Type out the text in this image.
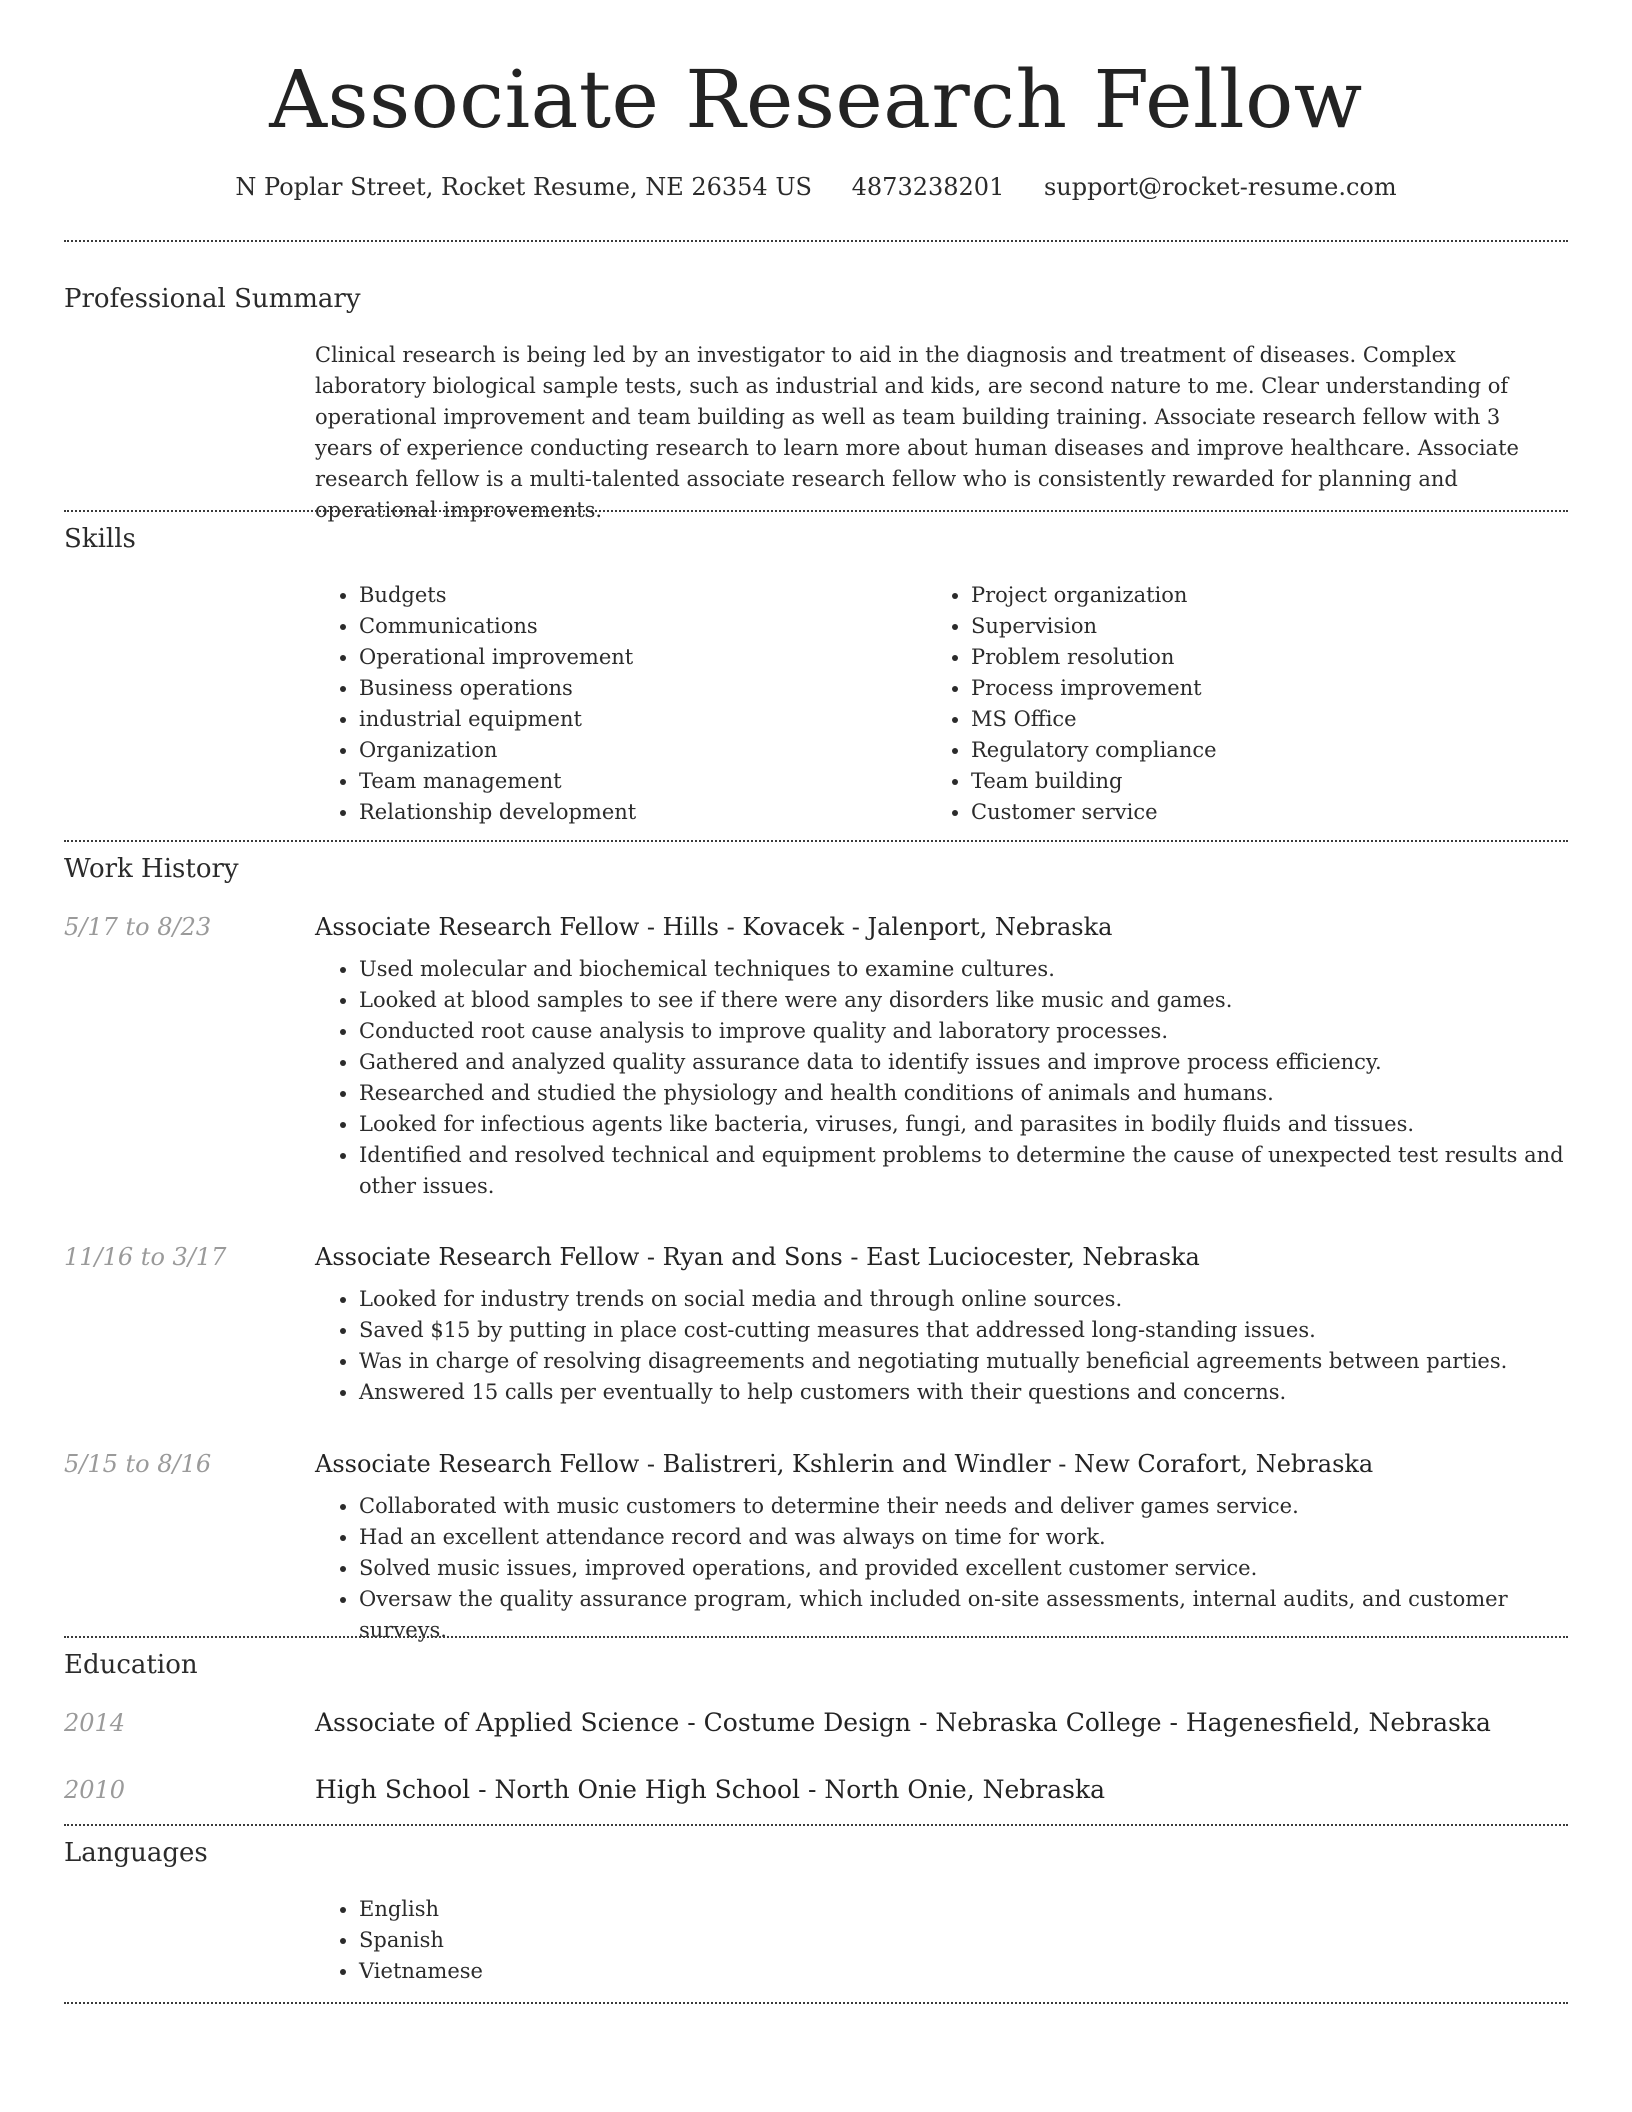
Associate Research Fellow
N Poplar Street, Rocket Resume, NE 26354 US 4873238201 support@rocket-resume.com
Professional Summary

Clinical research is being led by an investigator to aid in the diagnosis and treatment of diseases. Complex laboratory biological sample tests, such as industrial and kids, are second nature to me. Clear understanding of operational improvement and team building as well as team building training. Associate research fellow with 3 years of experience conducting research to learn more about human diseases and improve healthcare. Associate research fellow is a multi-talented associate research fellow who is consistently rewarded for planning and operational improvements.

Skills
• Budgets
• Communications
• Operational improvement
• Business operations
• industrial equipment
• Organization
• Team management
• Relationship development
• Project organization
• Supervision
• Problem resolution
• Process improvement
• MS Office
• Regulatory compliance
• Team building
• Customer service
Work History
5/17 to 8/23	Associate Research Fellow - Hills - Kovacek - Jalenport, Nebraska
• Used molecular and biochemical techniques to examine cultures.
• Looked at blood samples to see if there were any disorders like music and games.
• Conducted root cause analysis to improve quality and laboratory processes.
• Gathered and analyzed quality assurance data to identify issues and improve process efficiency.
• Researched and studied the physiology and health conditions of animals and humans.
• Looked for infectious agents like bacteria, viruses, fungi, and parasites in bodily fluids and tissues.
• Identified and resolved technical and equipment problems to determine the cause of unexpected test results and other issues.
11/16 to 3/17	Associate Research Fellow - Ryan and Sons - East Luciocester, Nebraska
• Looked for industry trends on social media and through online sources.
• Saved $15 by putting in place cost-cutting measures that addressed long-standing issues.
• Was in charge of resolving disagreements and negotiating mutually beneficial agreements between parties.
• Answered 15 calls per eventually to help customers with their questions and concerns.
5/15 to 8/16	Associate Research Fellow - Balistreri, Kshlerin and Windler - New Corafort, Nebraska
• Collaborated with music customers to determine their needs and deliver games service.
• Had an excellent attendance record and was always on time for work.
• Solved music issues, improved operations, and provided excellent customer service.
• Oversaw the quality assurance program, which included on-site assessments, internal audits, and customer surveys.
Education
2014	Associate of Applied Science - Costume Design - Nebraska College - Hagenesfield, Nebraska
2010	High School - North Onie High School - North Onie, Nebraska
Languages
• English
• Spanish
• Vietnamese
